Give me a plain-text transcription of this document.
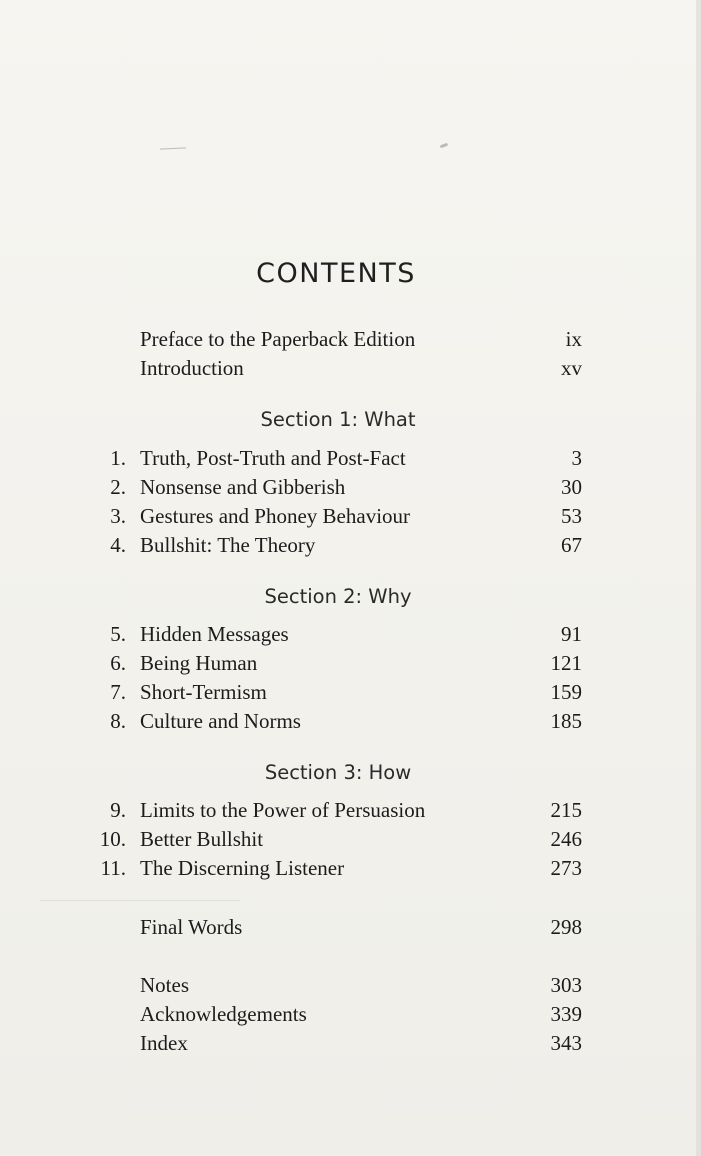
CONTENTS
Preface to the Paperback Edition	ix
Introduction	xv
Section 1: What
1. Truth, Post-Truth and Post-Fact	3
2. Nonsense and Gibberish	30
3. Gestures and Phoney Behaviour	53
4. Bullshit: The Theory	67
Section 2: Why
5. Hidden Messages	91
6. Being Human	121
7. Short-Termism	159
8. Culture and Norms	185
Section 3: How
9. Limits to the Power of Persuasion	215
10. Better Bullshit	246
11. The Discerning Listener	273
Final Words	298
Notes	303
Acknowledgements	339
Index	343
